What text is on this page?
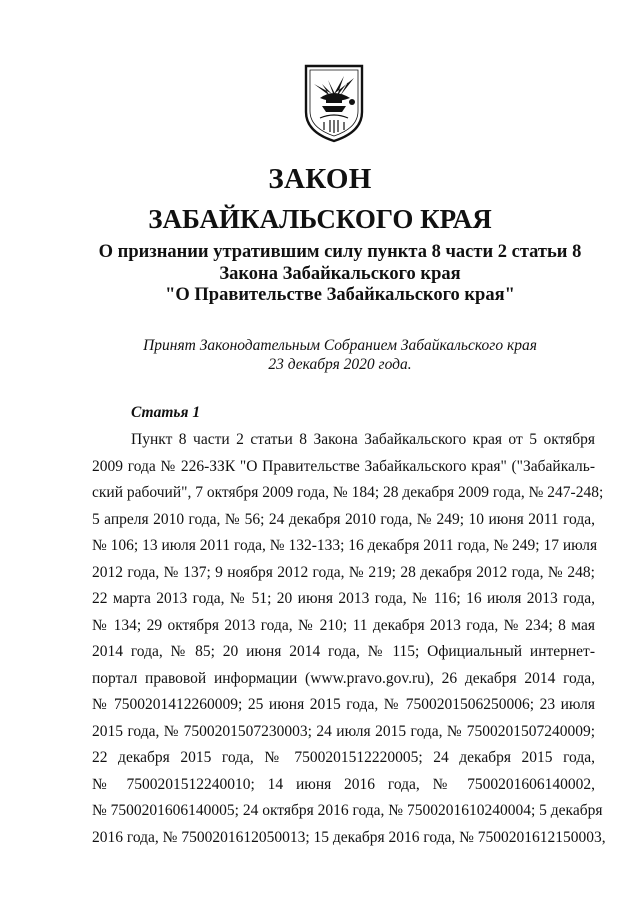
ЗАКОН
ЗАБАЙКАЛЬСКОГО КРАЯ
О признании утратившим силу пункта 8 части 2 статьи 8
Закона Забайкальского края
"О Правительстве Забайкальского края"
Принят Законодательным Собранием Забайкальского края
23 декабря 2020 года.
Статья 1
Пункт 8 части 2 статьи 8 Закона Забайкальского края от 5 октября
2009 года № 226-ЗЗК "О Правительстве Забайкальского края" ("Забайкаль-
ский рабочий", 7 октября 2009 года, № 184; 28 декабря 2009 года, № 247-248;
5 апреля 2010 года, № 56; 24 декабря 2010 года, № 249; 10 июня 2011 года,
№ 106; 13 июля 2011 года, № 132-133; 16 декабря 2011 года, № 249; 17 июля
2012 года, № 137; 9 ноября 2012 года, № 219; 28 декабря 2012 года, № 248;
22 марта 2013 года, № 51; 20 июня 2013 года, № 116; 16 июля 2013 года,
№ 134; 29 октября 2013 года, № 210; 11 декабря 2013 года, № 234; 8 мая
2014 года, № 85; 20 июня 2014 года, № 115; Официальный интернет-
портал правовой информации (www.pravo.gov.ru), 26 декабря 2014 года,
№ 7500201412260009; 25 июня 2015 года, № 7500201506250006; 23 июля
2015 года, № 7500201507230003; 24 июля 2015 года, № 7500201507240009;
22 декабря 2015 года, № 7500201512220005; 24 декабря 2015 года,
№ 7500201512240010; 14 июня 2016 года, № 7500201606140002,
№ 7500201606140005; 24 октября 2016 года, № 7500201610240004; 5 декабря
2016 года, № 7500201612050013; 15 декабря 2016 года, № 7500201612150003,
